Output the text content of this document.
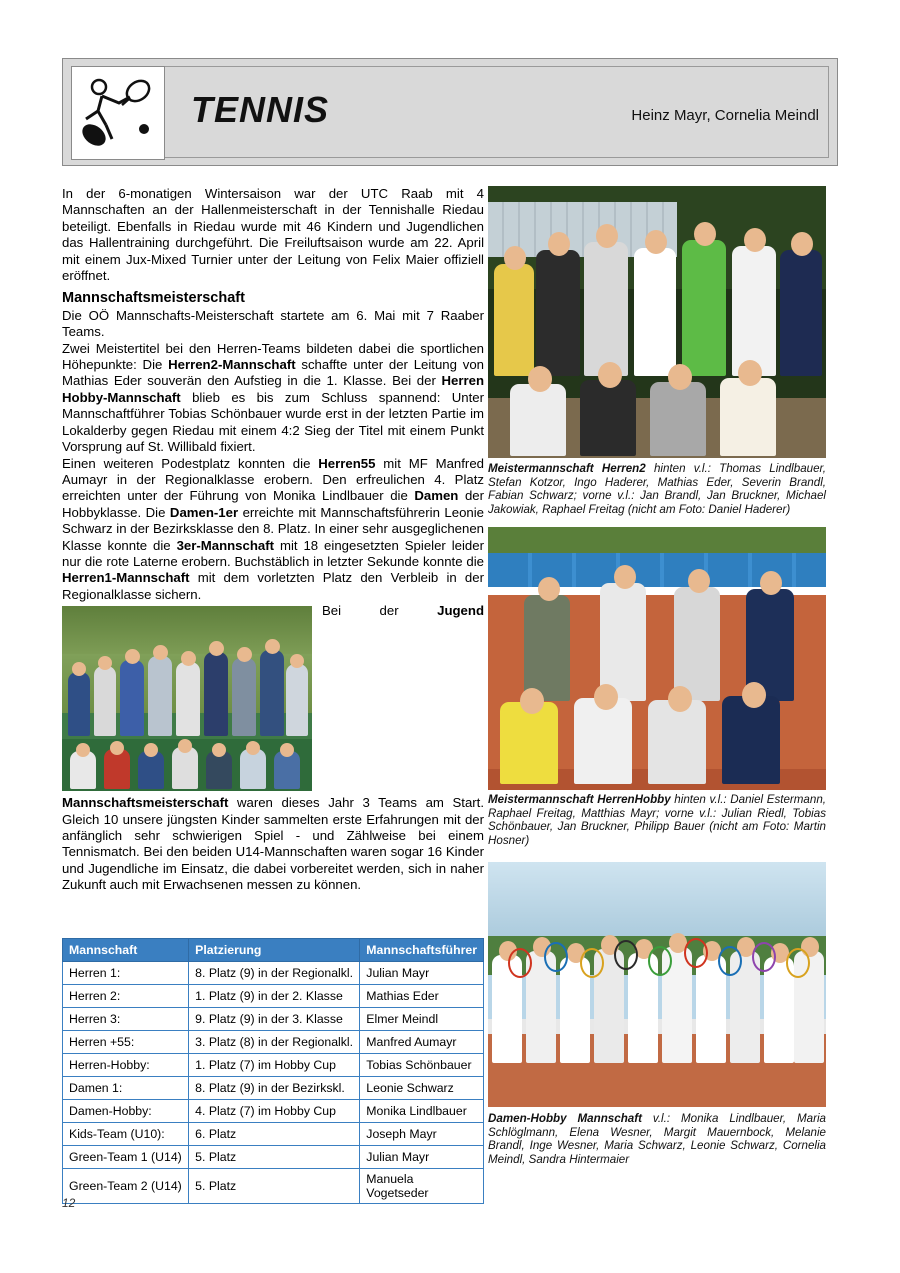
TENNIS	Heinz Mayr, Cornelia Meindl

In der 6-monatigen Wintersaison war der UTC Raab mit 4 Mannschaften an der Hallenmeisterschaft in der Tennishalle Riedau beteiligt. Ebenfalls in Riedau wurde mit 46 Kindern und Jugendlichen das Hallentraining durchgeführt. Die Freiluftsaison wurde am 22. April mit einem Jux-Mixed Turnier unter der Leitung von Felix Maier offiziell eröffnet.

Mannschaftsmeisterschaft

Die OÖ Mannschafts-Meisterschaft startete am 6. Mai mit 7 Raaber Teams.

Zwei Meistertitel bei den Herren-Teams bildeten dabei die sportlichen Höhepunkte: Die Herren2-Mannschaft schaffte unter der Leitung von Mathias Eder souverän den Aufstieg in die 1. Klasse. Bei der Herren Hobby-Mannschaft blieb es bis zum Schluss spannend: Unter Mannschaftführer Tobias Schönbauer wurde erst in der letzten Partie im Lokalderby gegen Riedau mit einem 4:2 Sieg der Titel mit einem Punkt Vorsprung auf St. Willibald fixiert.

Einen weiteren Podestplatz konnten die Herren55 mit MF Manfred Aumayr in der Regionalklasse erobern. Den erfreulichen 4. Platz erreichten unter der Führung von Monika Lindlbauer die Damen der Hobbyklasse. Die Damen-1er erreichte mit Mannschaftsführerin Leonie Schwarz in der Bezirksklasse den 8. Platz. In einer sehr ausgeglichenen Klasse konnte die 3er-Mannschaft mit 18 eingesetzten Spieler leider nur die rote Laterne erobern. Buchstäblich in letzter Sekunde konnte die Herren1-Mannschaft mit dem vorletzten Platz den Verbleib in der Regionalklasse sichern.

Bei der Jugend Mannschaftsmeisterschaft waren dieses Jahr 3 Teams am Start. Gleich 10 unsere jüngsten Kinder sammelten erste Erfahrungen mit der anfänglich sehr schwierigen Spiel - und Zählweise bei einem Tennismatch. Bei den beiden U14-Mannschaften waren sogar 16 Kinder und Jugendliche im Einsatz, die dabei vorbereitet werden, sich in naher Zukunft auch mit Erwachsenen messen zu können.

Mannschaft	Platzierung	Mannschaftsführer
Herren 1:	8. Platz (9) in der Regionalkl.	Julian Mayr
Herren 2:	1. Platz (9) in der 2. Klasse	Mathias Eder
Herren 3:	9. Platz (9) in der 3. Klasse	Elmer Meindl
Herren +55:	3. Platz (8) in der Regionalkl.	Manfred Aumayr
Herren-Hobby:	1. Platz (7) im Hobby Cup	Tobias Schönbauer
Damen 1:	8. Platz (9) in der Bezirkskl.	Leonie Schwarz
Damen-Hobby:	4. Platz (7) im Hobby Cup	Monika Lindlbauer
Kids-Team (U10):	6. Platz	Joseph Mayr
Green-Team 1 (U14)	5. Platz	Julian Mayr
Green-Team 2 (U14)	5. Platz	Manuela Vogetseder
Meistermannschaft Herren2 hinten v.l.: Thomas Lindlbauer, Stefan Kotzor, Ingo Haderer, Mathias Eder, Severin Brandl, Fabian Schwarz; vorne v.l.: Jan Brandl, Jan Bruckner, Michael Jakowiak, Raphael Freitag (nicht am Foto: Daniel Haderer)
Meistermannschaft HerrenHobby hinten v.l.: Daniel Estermann, Raphael Freitag, Matthias Mayr; vorne v.l.: Julian Riedl, Tobias Schönbauer, Jan Bruckner, Philipp Bauer (nicht am Foto: Martin Hosner)
Damen-Hobby Mannschaft v.l.: Monika Lindlbauer, Maria Schlöglmann, Elena Wesner, Margit Mauernbock, Melanie Brandl, Inge Wesner, Maria Schwarz, Leonie Schwarz, Cornelia Meindl, Sandra Hintermaier
12
